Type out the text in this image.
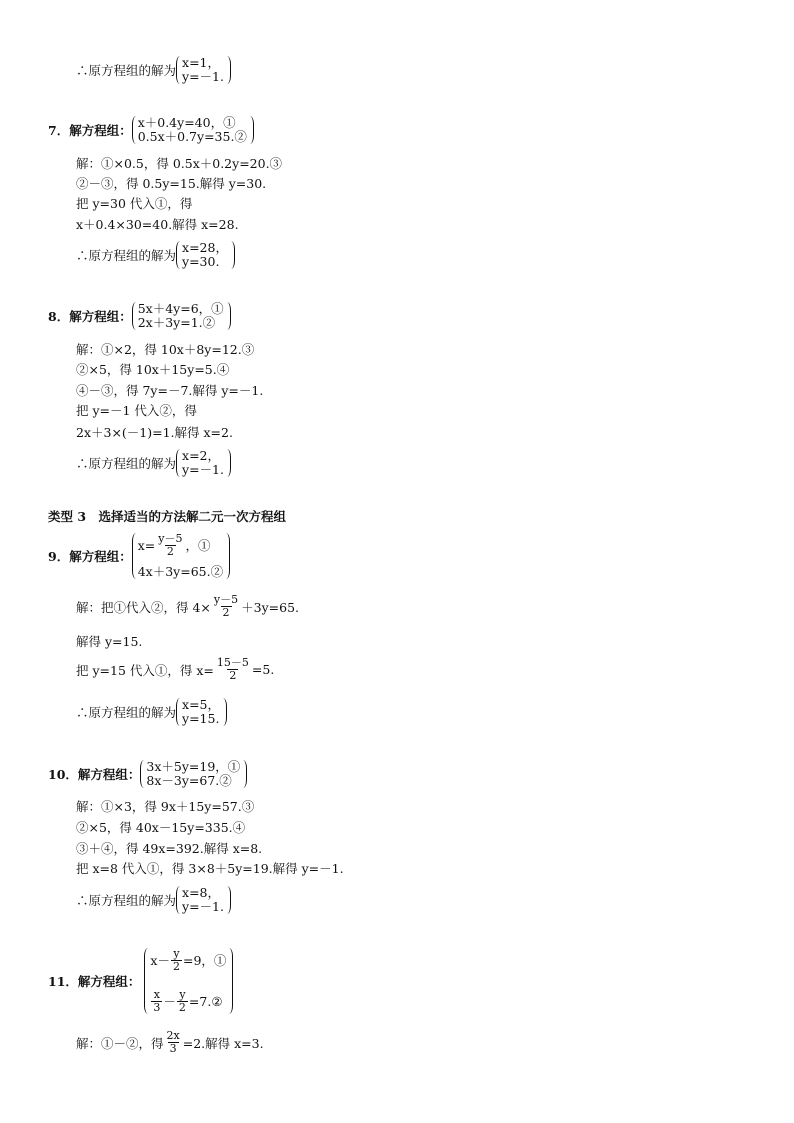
∴原方程组的解为
x=1，
y=－1.
7．解方程组：
x＋0.4y=40，①
0.5x＋0.7y=35.②
解：①×0.5，得 0.5x＋0.2y=20.③
②－③，得 0.5y=15.解得 y=30.
把 y=30 代入①，得
x＋0.4×30=40.解得 x=28.
∴原方程组的解为
x=28，
y=30.
8．解方程组：
5x＋4y=6，①
2x＋3y=1.②
解：①×2，得 10x＋8y=12.③
②×5，得 10x＋15y=5.④
④－③，得 7y=－7.解得 y=－1.
把 y=－1 代入②，得
2x＋3×(－1)=1.解得 x=2.
∴原方程组的解为
x=2，
y=－1.
类型 3　选择适当的方法解二元一次方程组
9．解方程组：
$x= \frac{y-5}{2}$ ，①
4x＋3y=65.②
解：把①代入②，得 $4\times \frac{y-5}{2} +3y=65$.
解得 y=15.
把 y=15 代入①，得 $x= \frac{15-5}{2} =5$.
∴原方程组的解为
x=5，
y=15.
10．解方程组：
3x＋5y=19，①
8x－3y=67.②
解：①×3，得 9x＋15y=57.③
②×5，得 40x－15y=335.④
③＋④，得 49x=392.解得 x=8.
把 x=8 代入①，得 3×8＋5y=19.解得 y=－1.
∴原方程组的解为
x=8，
y=－1.
11．解方程组：
$x- \frac{y}{2} =9$，①
$\frac{x}{3} - \frac{y}{2}$ =7.②
解：①－②，得 $\frac{2x}{3} =2$.解得 x=3.
